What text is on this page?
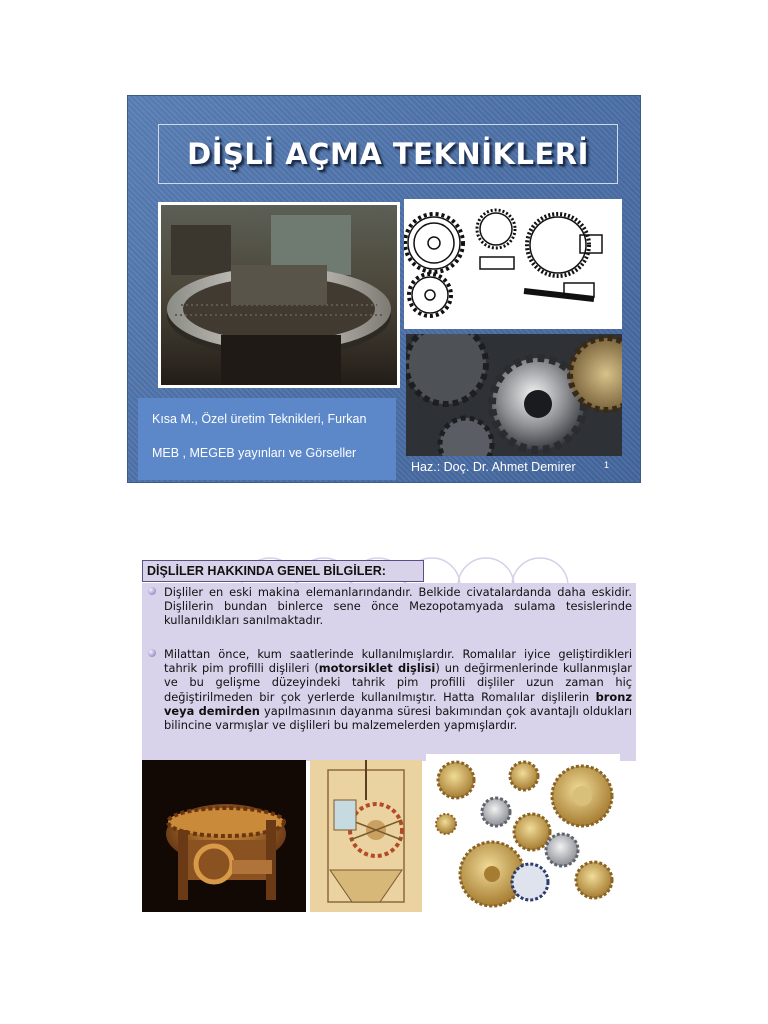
DİŞLİ AÇMA TEKNİKLERİ
Kısa M., Özel üretim Teknikleri, Furkan
MEB , MEGEB yayınları ve Görseller
Haz.: Doç. Dr. Ahmet Demirer	1
DİŞLİLER HAKKINDA GENEL BİLGİLER:

Dişliler en eski makina elemanlarındandır. Belkide civatalardanda daha eskidir. Dişlilerin bundan binlerce sene önce Mezopotamyada sulama tesislerinde kullanıldıkları sanılmaktadır.

Milattan önce, kum saatlerinde kullanılmışlardır. Romalılar iyice geliştirdikleri tahrik pim profilli dişlileri (motorsiklet dişlisi) un değirmenlerinde kullanmışlar ve bu gelişme düzeyindeki tahrik pim profilli dişliler uzun zaman hiç değiştirilmeden bir çok yerlerde kullanılmıştır. Hatta Romalılar dişlilerin bronz veya demirden yapılmasının dayanma süresi bakımından çok avantajlı oldukları bilincine varmışlar ve dişlileri bu malzemelerden yapmışlardır.
